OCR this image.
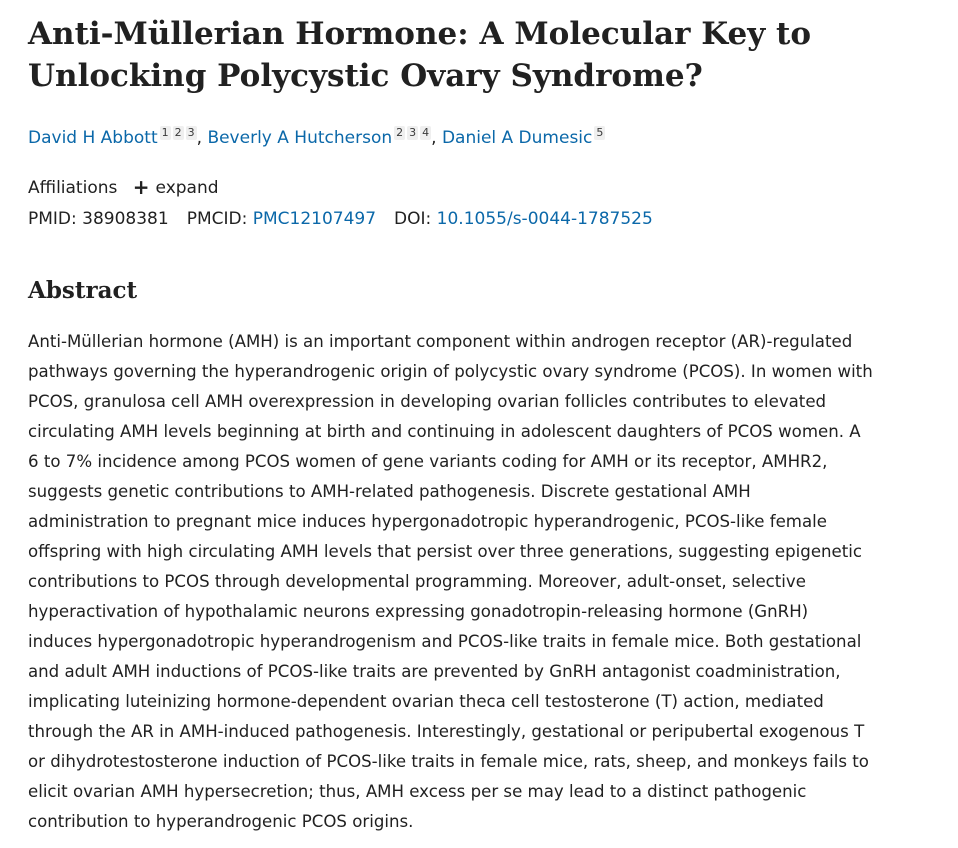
Anti-Müllerian Hormone: A Molecular Key to
Unlocking Polycystic Ovary Syndrome?
David H Abbott 1 2 3 , Beverly A Hutcherson 2 3 4 , Daniel A Dumesic 5
Affiliations + expand
PMID: 38908381 PMCID: PMC12107497 DOI: 10.1055/s-0044-1787525
Abstract

Anti-Müllerian hormone (AMH) is an important component within androgen receptor (AR)-regulated
pathways governing the hyperandrogenic origin of polycystic ovary syndrome (PCOS). In women with
PCOS, granulosa cell AMH overexpression in developing ovarian follicles contributes to elevated
circulating AMH levels beginning at birth and continuing in adolescent daughters of PCOS women. A
6 to 7% incidence among PCOS women of gene variants coding for AMH or its receptor, AMHR2,
suggests genetic contributions to AMH-related pathogenesis. Discrete gestational AMH
administration to pregnant mice induces hypergonadotropic hyperandrogenic, PCOS-like female
offspring with high circulating AMH levels that persist over three generations, suggesting epigenetic
contributions to PCOS through developmental programming. Moreover, adult-onset, selective
hyperactivation of hypothalamic neurons expressing gonadotropin-releasing hormone (GnRH)
induces hypergonadotropic hyperandrogenism and PCOS-like traits in female mice. Both gestational
and adult AMH inductions of PCOS-like traits are prevented by GnRH antagonist coadministration,
implicating luteinizing hormone-dependent ovarian theca cell testosterone (T) action, mediated
through the AR in AMH-induced pathogenesis. Interestingly, gestational or peripubertal exogenous T
or dihydrotestosterone induction of PCOS-like traits in female mice, rats, sheep, and monkeys fails to
elicit ovarian AMH hypersecretion; thus, AMH excess per se may lead to a distinct pathogenic
contribution to hyperandrogenic PCOS origins.
